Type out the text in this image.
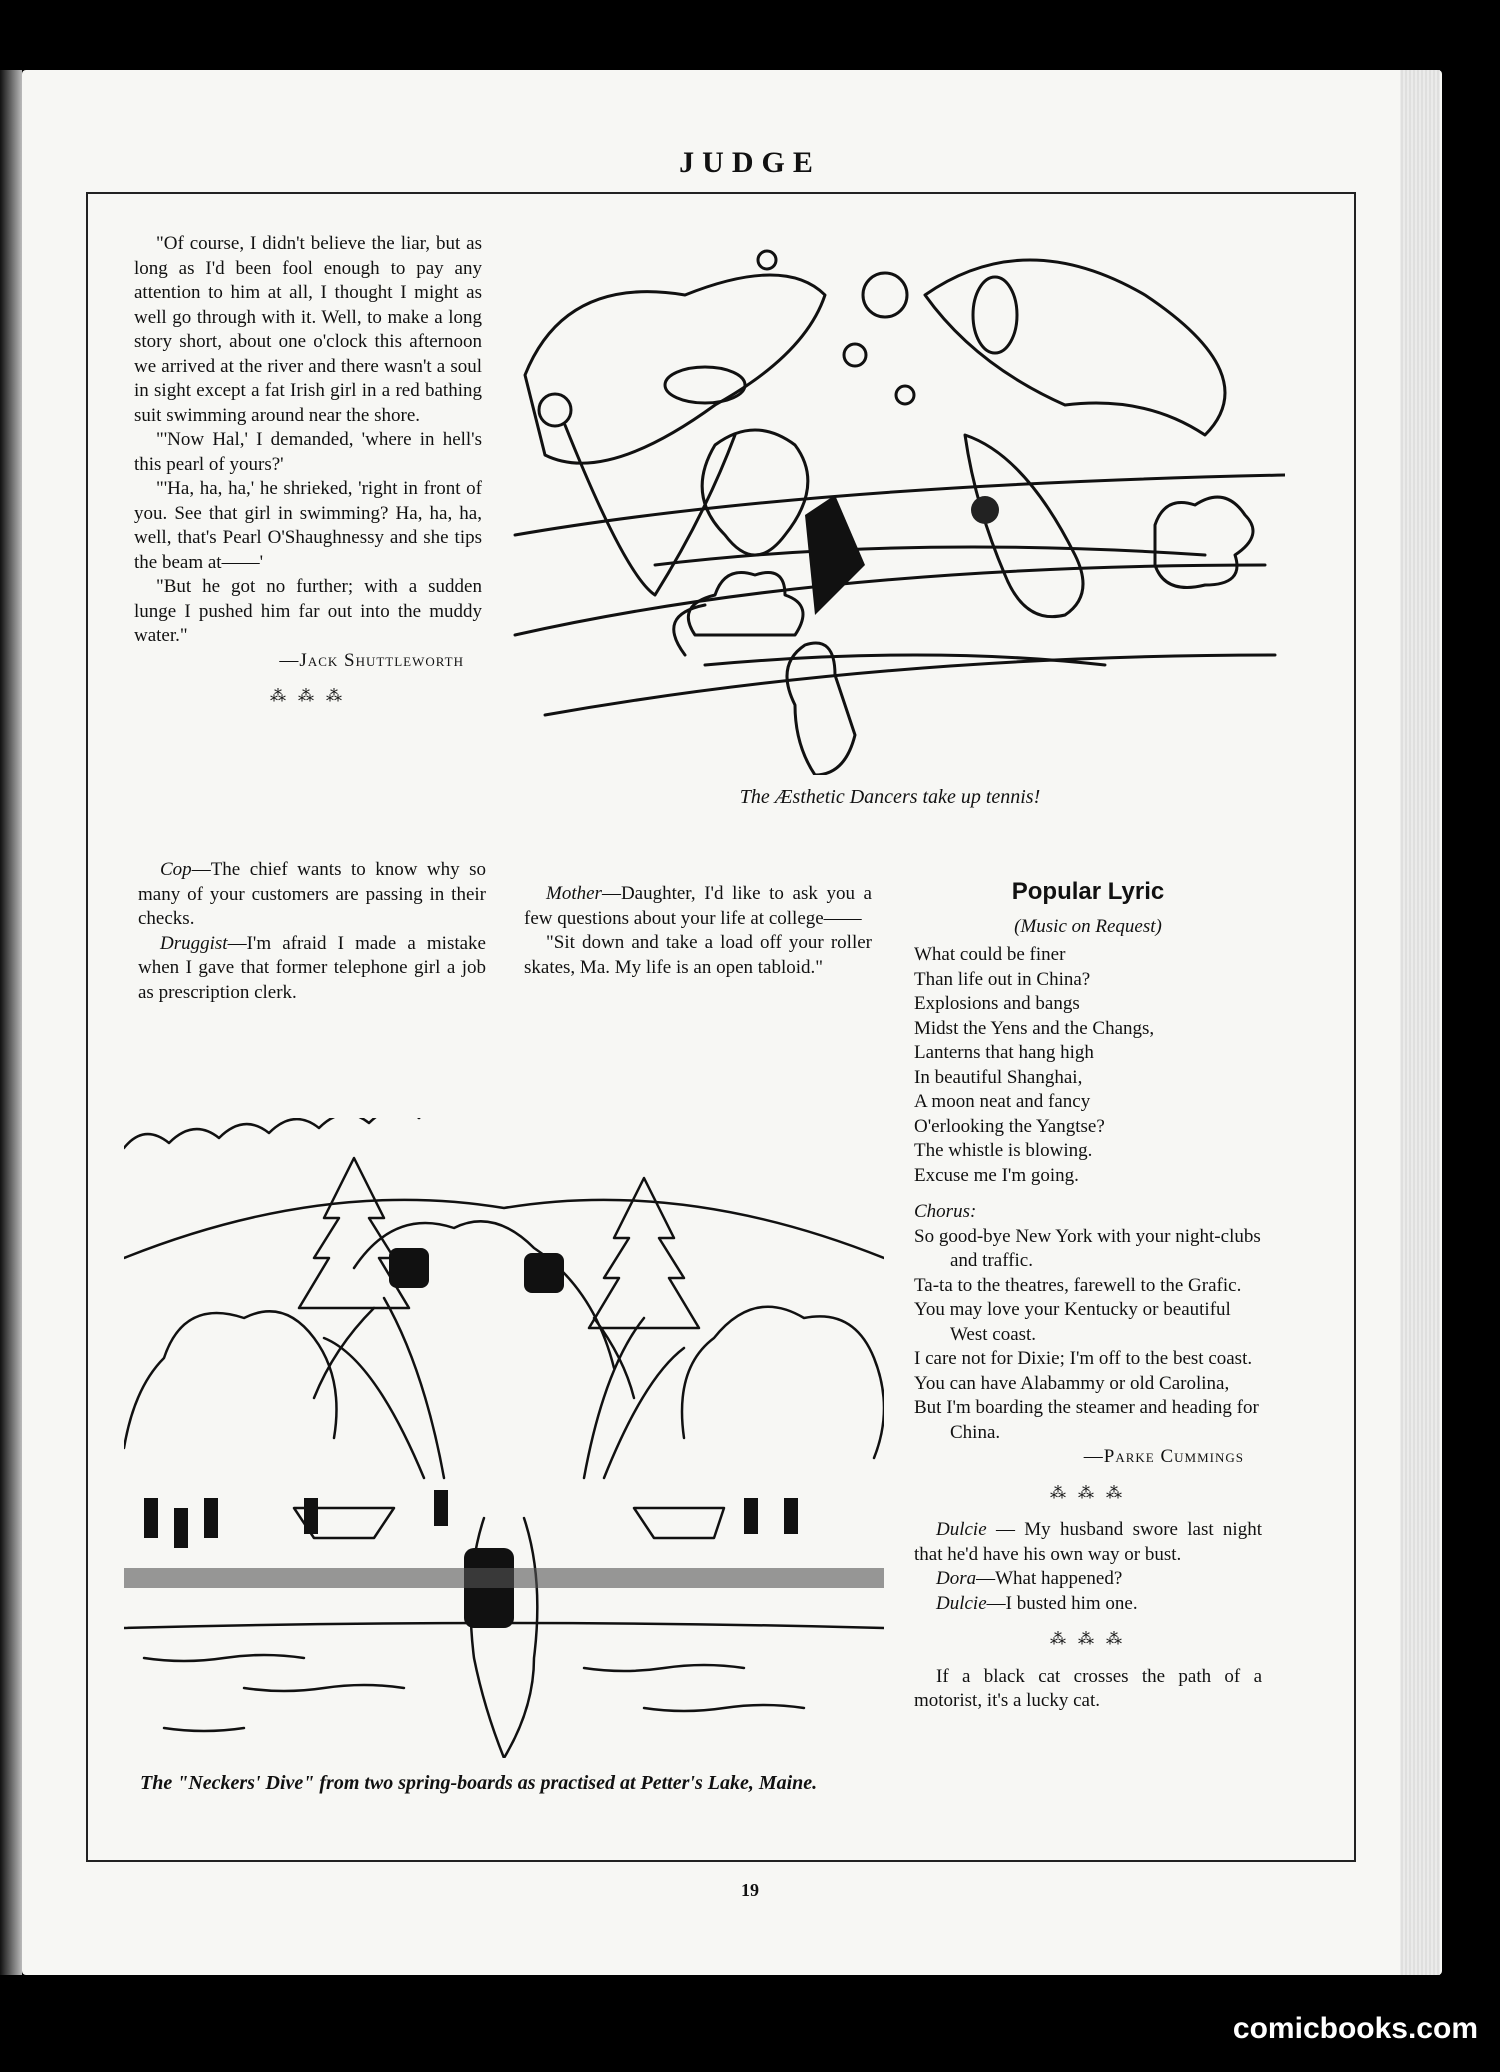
JUDGE

"Of course, I didn't believe the liar, but as long as I'd been fool enough to pay any attention to him at all, I thought I might as well go through with it. Well, to make a long story short, about one o'clock this afternoon we arrived at the river and there wasn't a soul in sight except a fat Irish girl in a red bathing suit swimming around near the shore.

"'Now Hal,' I demanded, 'where in hell's this pearl of yours?'

"'Ha, ha, ha,' he shrieked, 'right in front of you. See that girl in swimming? Ha, ha, ha, well, that's Pearl O'Shaughnessy and she tips the beam at——'

"But he got no further; with a sudden lunge I pushed him far out into the muddy water."

—Jack Shuttleworth

⁂ ⁂ ⁂
The Æsthetic Dancers take up tennis!

Cop—The chief wants to know why so many of your customers are passing in their checks.

Druggist—I'm afraid I made a mistake when I gave that former telephone girl a job as prescription clerk.

Mother—Daughter, I'd like to ask you a few questions about your life at college——

"Sit down and take a load off your roller skates, Ma. My life is an open tabloid."

Popular Lyric
(Music on Request)

What could be finer

Than life out in China?

Explosions and bangs

Midst the Yens and the Changs,

Lanterns that hang high

In beautiful Shanghai,

A moon neat and fancy

O'erlooking the Yangtse?

The whistle is blowing.

Excuse me I'm going.

Chorus:

So good-bye New York with your night-clubs and traffic.

Ta-ta to the theatres, farewell to the Grafic.

You may love your Kentucky or beautiful West coast.

I care not for Dixie; I'm off to the best coast.

You can have Alabammy or old Carolina,

But I'm boarding the steamer and heading for China.

—Parke Cummings

⁂ ⁂ ⁂

Dulcie — My husband swore last night that he'd have his own way or bust.

Dora—What happened?

Dulcie—I busted him one.

⁂ ⁂ ⁂

If a black cat crosses the path of a motorist, it's a lucky cat.

The "Neckers' Dive" from two spring-boards as practised at Petter's Lake, Maine.
19
comicbooks.com
